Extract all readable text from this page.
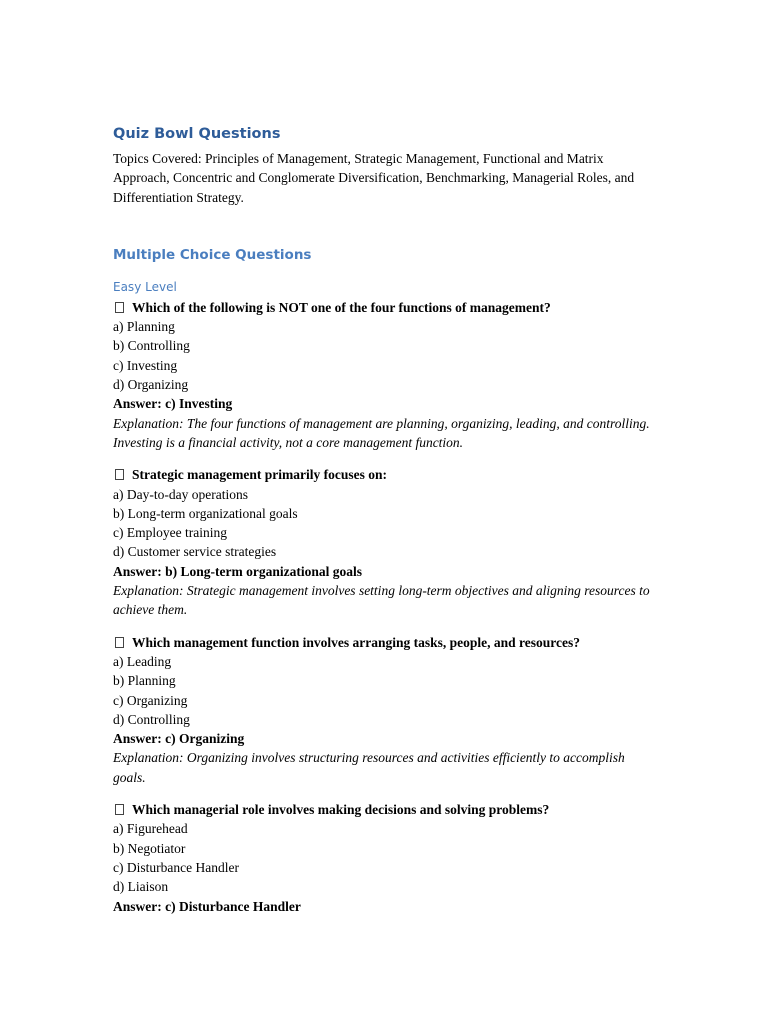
Quiz Bowl Questions
Topics Covered: Principles of Management, Strategic Management, Functional and Matrix Approach, Concentric and Conglomerate Diversification, Benchmarking, Managerial Roles, and Differentiation Strategy.
Multiple Choice Questions
Easy Level
Which of the following is NOT one of the four functions of management?
a) Planning
b) Controlling
c) Investing
d) Organizing
Answer: c) Investing
Explanation: The four functions of management are planning, organizing, leading, and controlling. Investing is a financial activity, not a core management function.
Strategic management primarily focuses on:
a) Day-to-day operations
b) Long-term organizational goals
c) Employee training
d) Customer service strategies
Answer: b) Long-term organizational goals
Explanation: Strategic management involves setting long-term objectives and aligning resources to achieve them.
Which management function involves arranging tasks, people, and resources?
a) Leading
b) Planning
c) Organizing
d) Controlling
Answer: c) Organizing
Explanation: Organizing involves structuring resources and activities efficiently to accomplish goals.
Which managerial role involves making decisions and solving problems?
a) Figurehead
b) Negotiator
c) Disturbance Handler
d) Liaison
Answer: c) Disturbance Handler
